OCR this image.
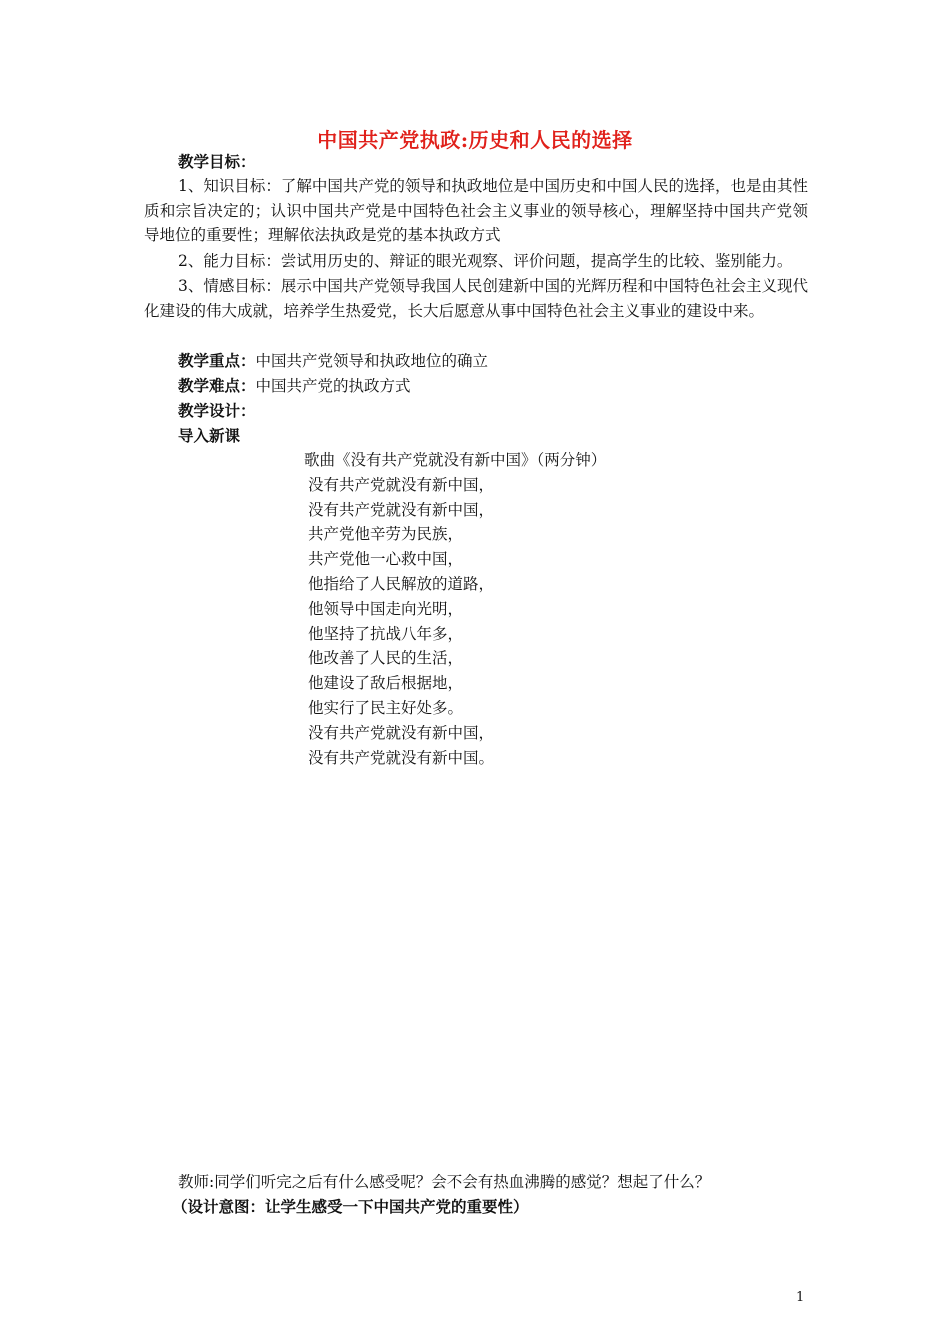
中国共产党执政:历史和人民的选择
教学目标：
1、知识目标：了解中国共产党的领导和执政地位是中国历史和中国人民的选择，也是由其性质和宗旨决定的；认识中国共产党是中国特色社会主义事业的领导核心，理解坚持中国共产党领导地位的重要性；理解依法执政是党的基本执政方式
2、能力目标：尝试用历史的、辩证的眼光观察、评价问题，提高学生的比较、鉴别能力。
3、情感目标：展示中国共产党领导我国人民创建新中国的光辉历程和中国特色社会主义现代化建设的伟大成就，培养学生热爱党，长大后愿意从事中国特色社会主义事业的建设中来。
教学重点：中国共产党领导和执政地位的确立
教学难点：中国共产党的执政方式
教学设计：
导入新课
歌曲《没有共产党就没有新中国》（两分钟）
没有共产党就没有新中国，
没有共产党就没有新中国，
共产党他辛劳为民族，
共产党他一心救中国，
他指给了人民解放的道路，
他领导中国走向光明，
他坚持了抗战八年多，
他改善了人民的生活，
他建设了敌后根据地，
他实行了民主好处多。
没有共产党就没有新中国，
没有共产党就没有新中国。
教师:同学们听完之后有什么感受呢？会不会有热血沸腾的感觉？想起了什么？
（设计意图：让学生感受一下中国共产党的重要性）
1
